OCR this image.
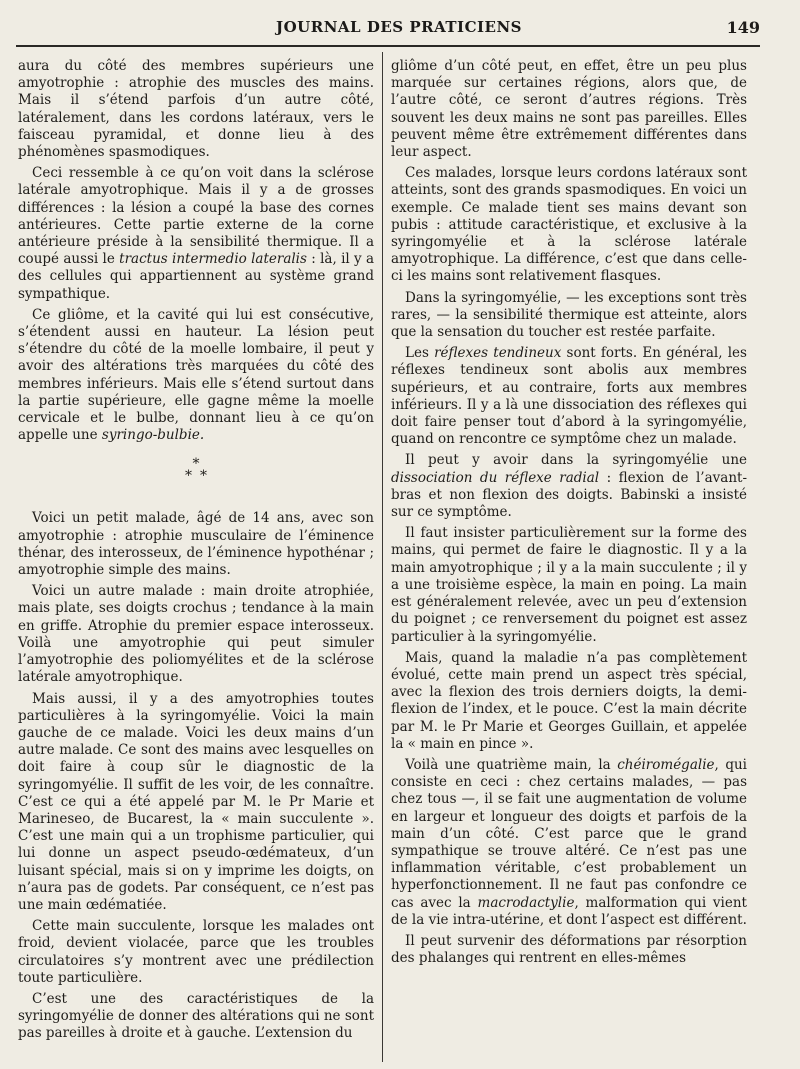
JOURNAL DES PRATICIENS	149

aura du côté des membres supérieurs une amyotrophie : atrophie des muscles des mains. Mais il s’étend parfois d’un autre côté, latéralement, dans les cordons latéraux, vers le faisceau pyramidal, et donne lieu à des phénomènes spasmodiques.

Ceci ressemble à ce qu’on voit dans la sclérose latérale amyotrophique. Mais il y a de grosses différences : la lésion a coupé la base des cornes antérieures. Cette partie externe de la corne antérieure préside à la sensibilité thermique. Il a coupé aussi le tractus intermedio lateralis : là, il y a des cellules qui appartiennent au système grand sympathique.

Ce gliôme, et la cavité qui lui est consécutive, s’étendent aussi en hauteur. La lésion peut s’étendre du côté de la moelle lombaire, il peut y avoir des altérations très marquées du côté des membres inférieurs. Mais elle s’étend surtout dans la partie supérieure, elle gagne même la moelle cervicale et le bulbe, donnant lieu à ce qu’on appelle une syringo-bulbie.

*
**

Voici un petit malade, âgé de 14 ans, avec son amyotrophie : atrophie musculaire de l’éminence thénar, des interosseux, de l’éminence hypothénar ; amyotrophie simple des mains.

Voici un autre malade : main droite atrophiée, mais plate, ses doigts crochus ; tendance à la main en griffe. Atrophie du premier espace interosseux. Voilà une amyotrophie qui peut simuler l’amyotrophie des poliomyélites et de la sclérose latérale amyotrophique.

Mais aussi, il y a des amyotrophies toutes particulières à la syringomyélie. Voici la main gauche de ce malade. Voici les deux mains d’un autre malade. Ce sont des mains avec lesquelles on doit faire à coup sûr le diagnostic de la syringomyélie. Il suffit de les voir, de les connaître. C’est ce qui a été appelé par M. le Pr Marie et Marineseo, de Bucarest, la « main succulente ». C’est une main qui a un trophisme particulier, qui lui donne un aspect pseudo-œdémateux, d’un luisant spécial, mais si on y imprime les doigts, on n’aura pas de godets. Par conséquent, ce n’est pas une main œdématiée.

Cette main succulente, lorsque les malades ont froid, devient violacée, parce que les troubles circulatoires s’y montrent avec une prédilection toute particulière.

C’est une des caractéristiques de la syringomyélie de donner des altérations qui ne sont pas pareilles à droite et à gauche. L’extension du

gliôme d’un côté peut, en effet, être un peu plus marquée sur certaines régions, alors que, de l’autre côté, ce seront d’autres régions. Très souvent les deux mains ne sont pas pareilles. Elles peuvent même être extrêmement différentes dans leur aspect.

Ces malades, lorsque leurs cordons latéraux sont atteints, sont des grands spasmodiques. En voici un exemple. Ce malade tient ses mains devant son pubis : attitude caractéristique, et exclusive à la syringomyélie et à la sclérose latérale amyotrophique. La différence, c’est que dans celle-ci les mains sont relativement flasques.

Dans la syringomyélie, — les exceptions sont très rares, — la sensibilité thermique est atteinte, alors que la sensation du toucher est restée parfaite.

Les réflexes tendineux sont forts. En général, les réflexes tendineux sont abolis aux membres supérieurs, et au contraire, forts aux membres inférieurs. Il y a là une dissociation des réflexes qui doit faire penser tout d’abord à la syringomyélie, quand on rencontre ce symptôme chez un malade.

Il peut y avoir dans la syringomyélie une dissociation du réflexe radial : flexion de l’avant-bras et non flexion des doigts. Babinski a insisté sur ce symptôme.

Il faut insister particulièrement sur la forme des mains, qui permet de faire le diagnostic. Il y a la main amyotrophique ; il y a la main succulente ; il y a une troisième espèce, la main en poing. La main est généralement relevée, avec un peu d’extension du poignet ; ce renversement du poignet est assez particulier à la syringomyélie.

Mais, quand la maladie n’a pas complètement évolué, cette main prend un aspect très spécial, avec la flexion des trois derniers doigts, la demi-flexion de l’index, et le pouce. C’est la main décrite par M. le Pr Marie et Georges Guillain, et appelée la « main en pince ».

Voilà une quatrième main, la chéiromégalie, qui consiste en ceci : chez certains malades, — pas chez tous —, il se fait une augmentation de volume en largeur et longueur des doigts et parfois de la main d’un côté. C’est parce que le grand sympathique se trouve altéré. Ce n’est pas une inflammation véritable, c’est probablement un hyperfonctionnement. Il ne faut pas confondre ce cas avec la macrodactylie, malformation qui vient de la vie intra-utérine, et dont l’aspect est différent.

Il peut survenir des déformations par résorption des phalanges qui rentrent en elles-mêmes
